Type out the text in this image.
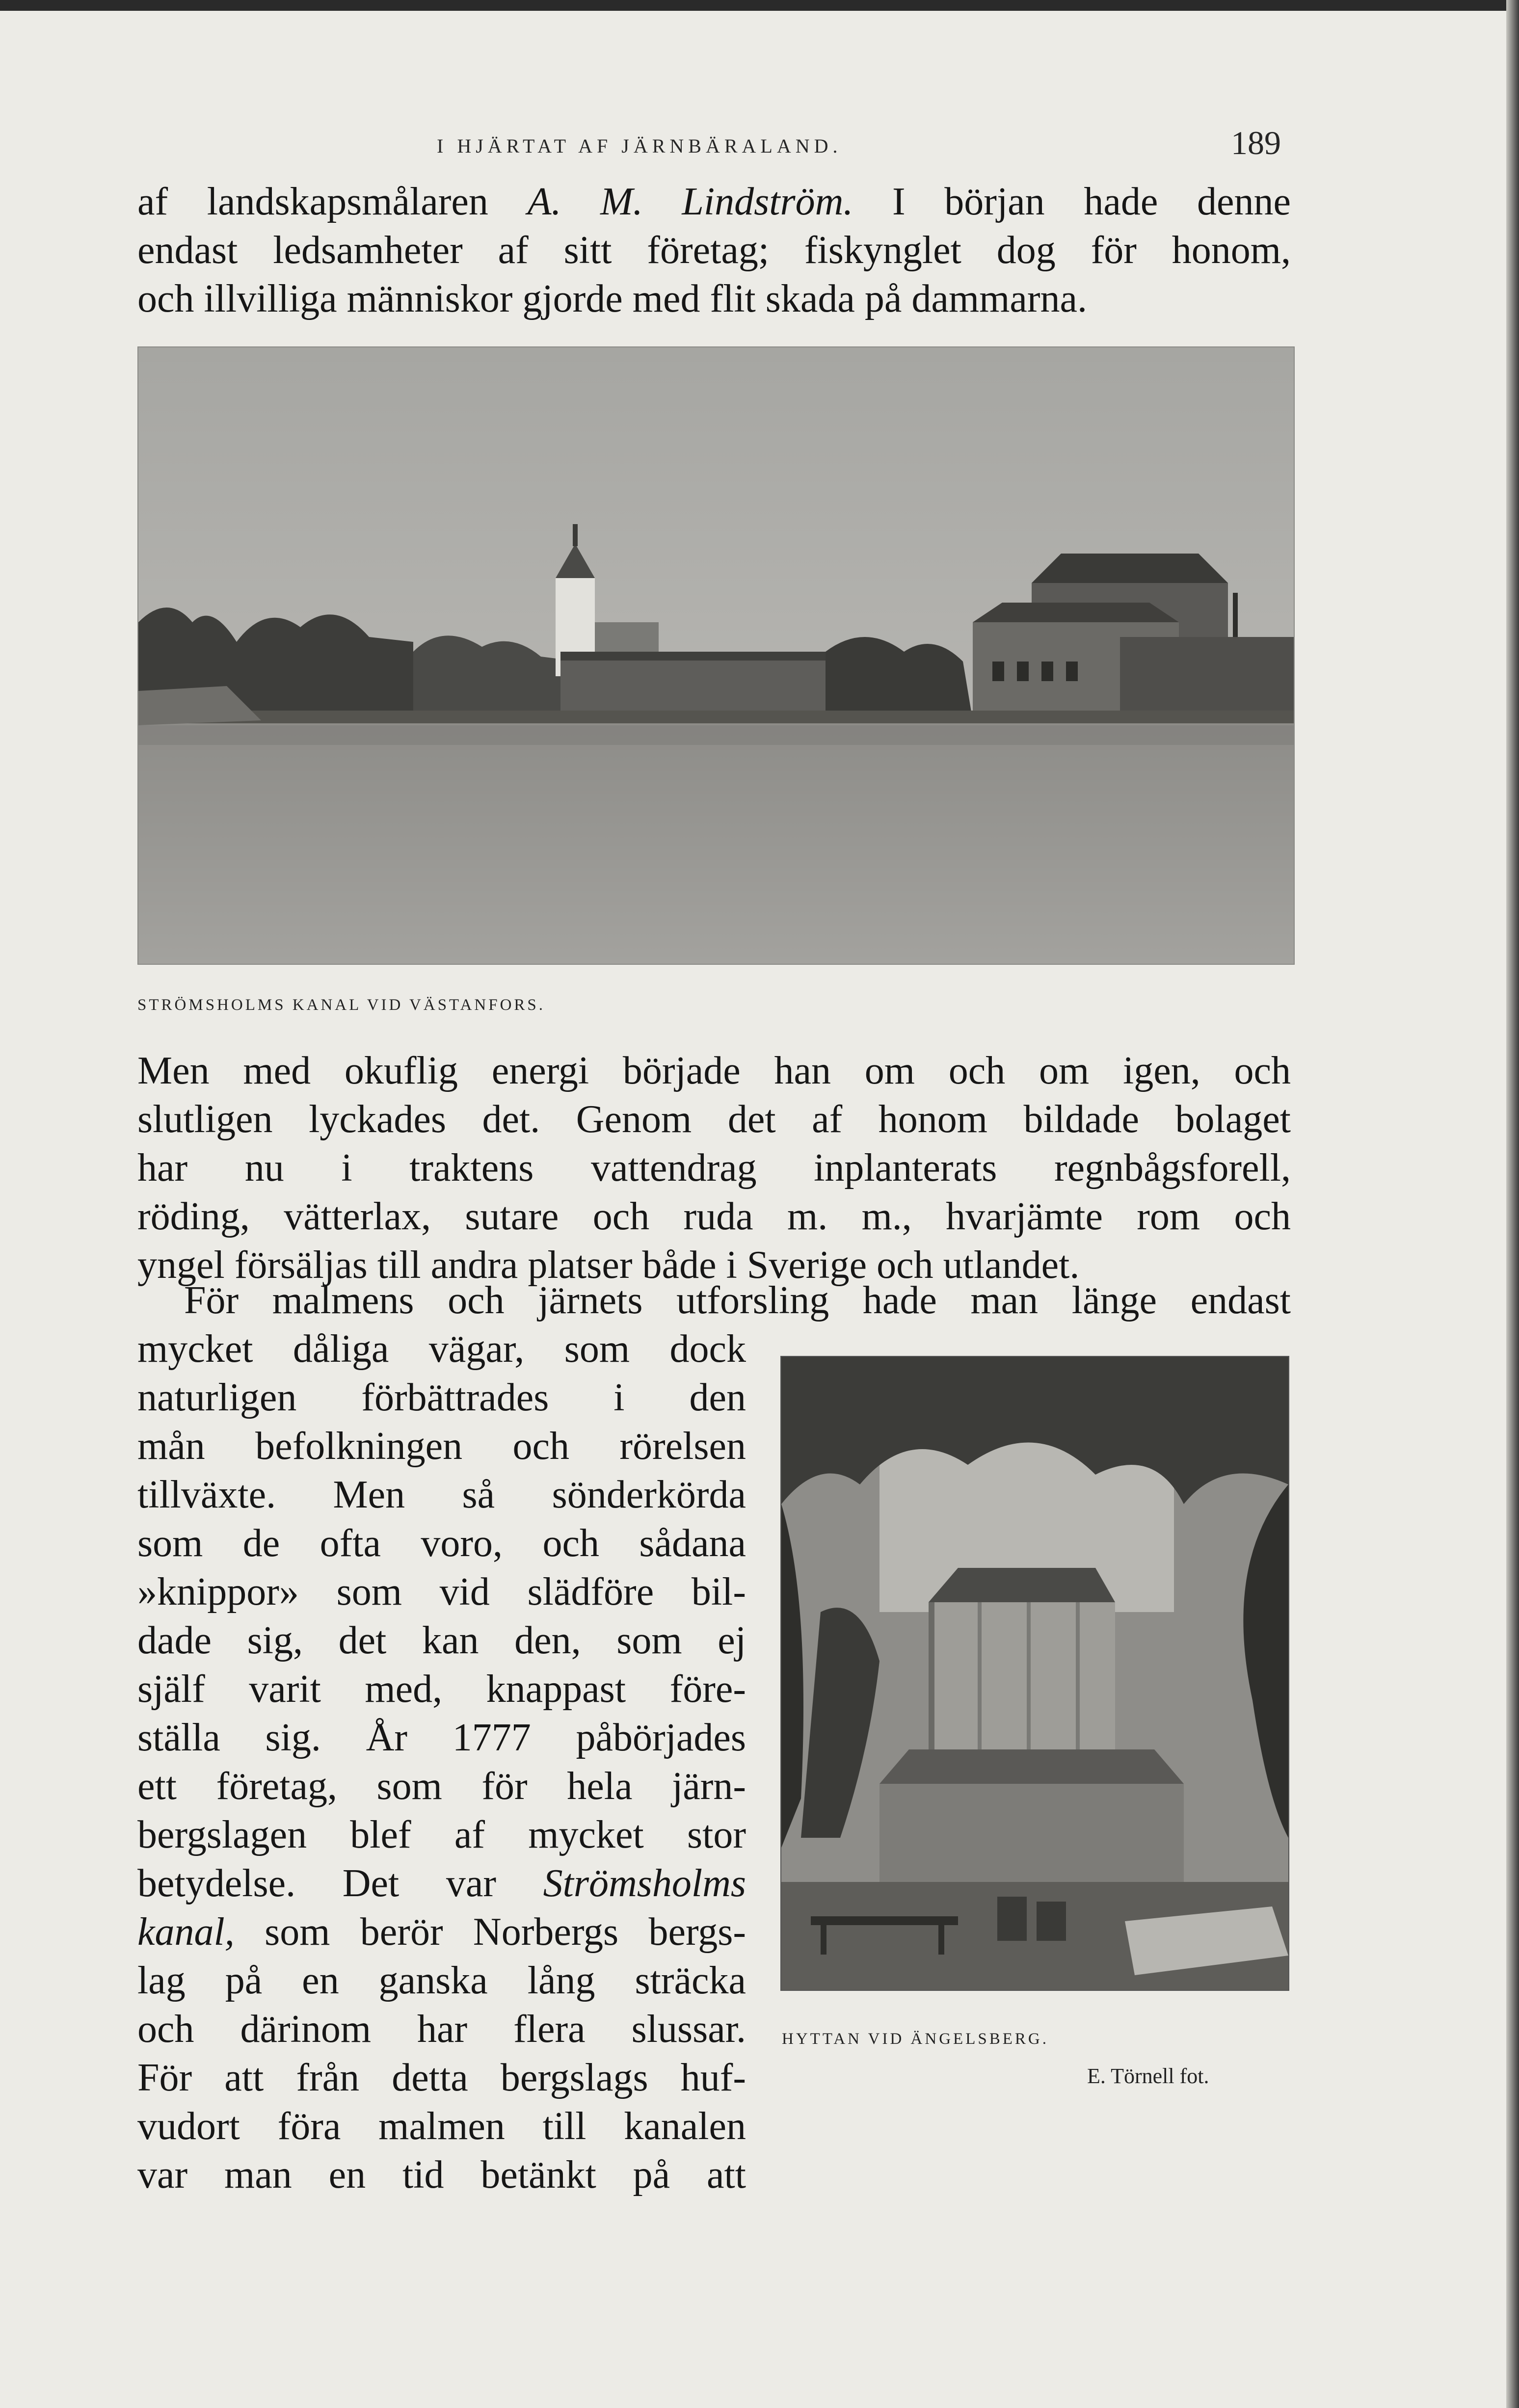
I HJÄRTAT AF JÄRNBÄRALAND.	189
af landskapsmålaren A. M. Lindström. I början hade denne
endast ledsamheter af sitt företag; fiskynglet dog för honom,
och illvilliga människor gjorde med flit skada på dammarna.
STRÖMSHOLMS KANAL VID VÄSTANFORS.
Men med okuflig energi började han om och om igen, och
slutligen lyckades det. Genom det af honom bildade bolaget
har nu i traktens vattendrag inplanterats regnbågsforell,
röding, vätterlax, sutare och ruda m. m., hvarjämte rom och
yngel försäljas till andra platser både i Sverige och utlandet.
För malmens och järnets utforsling hade man länge endast
mycket dåliga vägar, som dock
naturligen förbättrades i den
mån befolkningen och rörelsen
tillväxte. Men så sönderkörda
som de ofta voro, och sådana
»knippor» som vid slädföre bil-
dade sig, det kan den, som ej
själf varit med, knappast före-
ställa sig. År 1777 påbörjades
ett företag, som för hela järn-
bergslagen blef af mycket stor
betydelse. Det var Strömsholms
kanal, som berör Norbergs bergs-
lag på en ganska lång sträcka
och därinom har flera slussar.
För att från detta bergslags huf-
vudort föra malmen till kanalen
var man en tid betänkt på att
HYTTAN VID ÄNGELSBERG.
E. Törnell fot.
